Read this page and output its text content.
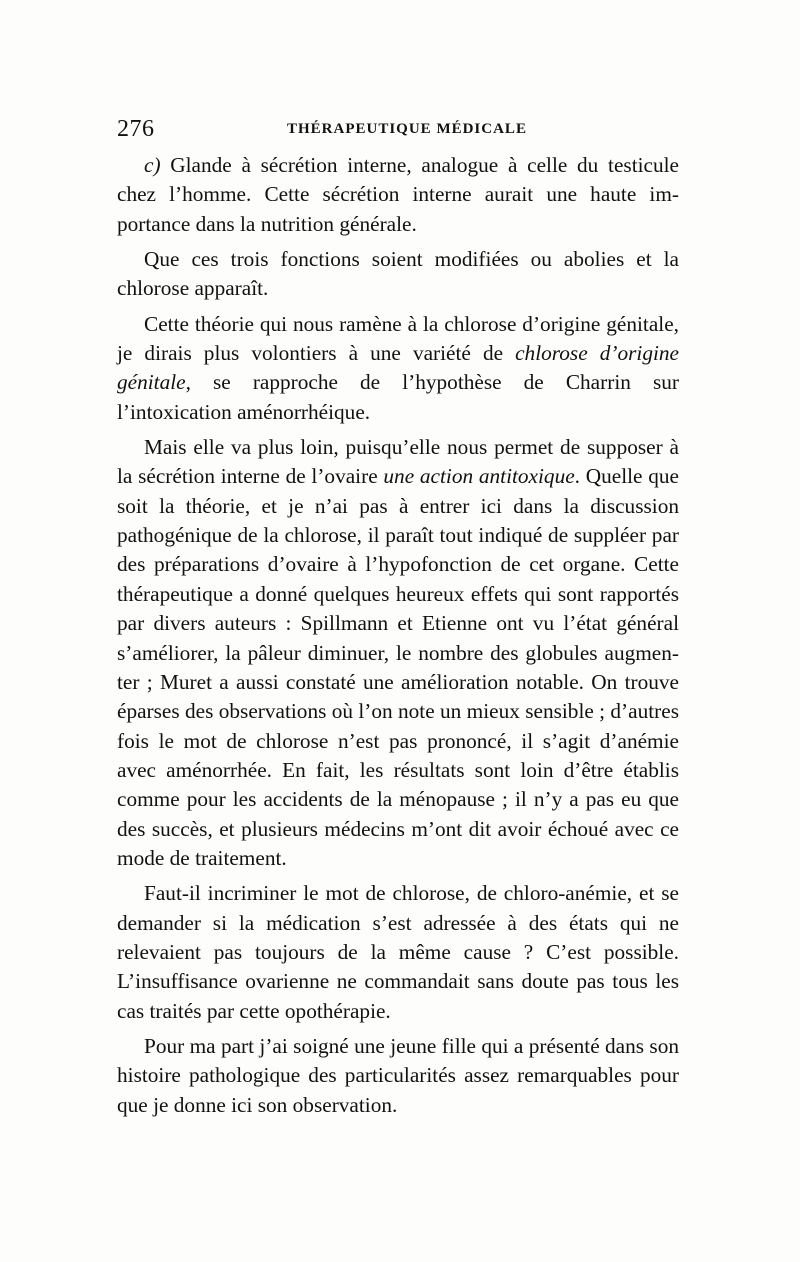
276	THÉRAPEUTIQUE MÉDICALE

c) Glande à sécrétion interne, analogue à celle du testicule chez l’homme. Cette sécrétion interne aurait une haute importance dans la nutrition générale.

Que ces trois fonctions soient modifiées ou abolies et la chlorose apparaît.

Cette théorie qui nous ramène à la chlorose d’origine génitale, je dirais plus volontiers à une variété de chlorose d’origine génitale, se rapproche de l’hypothèse de Charrin sur l’intoxication aménorrhéique.

Mais elle va plus loin, puisqu’elle nous permet de supposer à la sécrétion interne de l’ovaire une action antitoxique. Quelle que soit la théorie, et je n’ai pas à entrer ici dans la discussion pathogénique de la chlorose, il paraît tout indiqué de suppléer par des préparations d’ovaire à l’hypofonction de cet organe. Cette thérapeutique a donné quelques heureux effets qui sont rapportés par divers auteurs : Spillmann et Etienne ont vu l’état général s’améliorer, la pâleur diminuer, le nombre des globules augmenter ; Muret a aussi constaté une amélioration notable. On trouve éparses des observations où l’on note un mieux sensible ; d’autres fois le mot de chlorose n’est pas prononcé, il s’agit d’anémie avec aménorrhée. En fait, les résultats sont loin d’être établis comme pour les accidents de la ménopause ; il n’y a pas eu que des succès, et plusieurs médecins m’ont dit avoir échoué avec ce mode de traitement.

Faut-il incriminer le mot de chlorose, de chloro-anémie, et se demander si la médication s’est adressée à des états qui ne relevaient pas toujours de la même cause ? C’est possible. L’insuffisance ovarienne ne commandait sans doute pas tous les cas traités par cette opothérapie.

Pour ma part j’ai soigné une jeune fille qui a présenté dans son histoire pathologique des particularités assez remarquables pour que je donne ici son observation.
